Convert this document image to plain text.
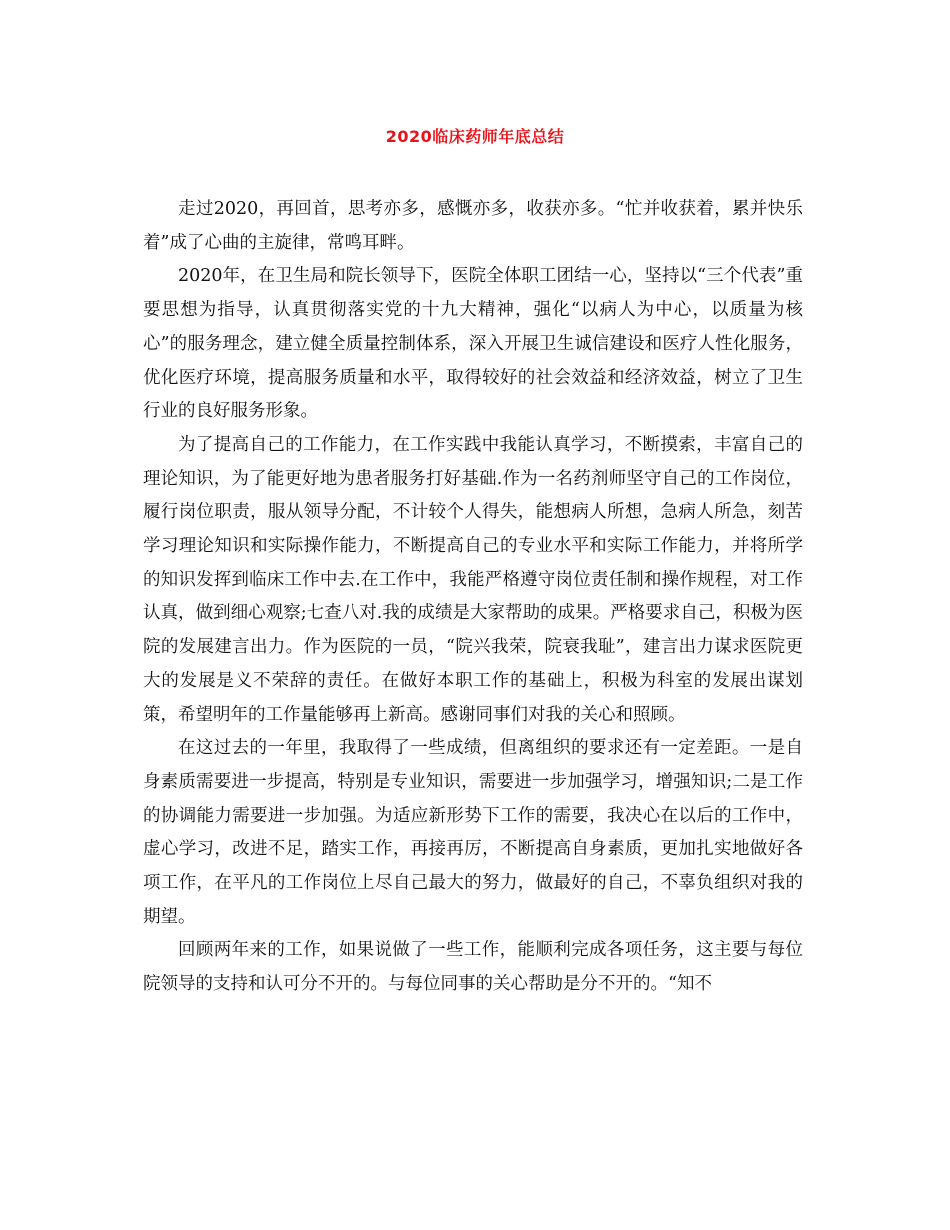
2020临床药师年底总结

走过2020，再回首，思考亦多，感慨亦多，收获亦多。“忙并收获着，累并快乐着”成了心曲的主旋律，常鸣耳畔。

2020年，在卫生局和院长领导下，医院全体职工团结一心，坚持以“三个代表”重要思想为指导，认真贯彻落实党的十九大精神，强化“以病人为中心，以质量为核心”的服务理念，建立健全质量控制体系，深入开展卫生诚信建设和医疗人性化服务，优化医疗环境，提高服务质量和水平，取得较好的社会效益和经济效益，树立了卫生行业的良好服务形象。

为了提高自己的工作能力，在工作实践中我能认真学习，不断摸索，丰富自己的理论知识，为了能更好地为患者服务打好基础.作为一名药剂师坚守自己的工作岗位，履行岗位职责，服从领导分配，不计较个人得失，能想病人所想，急病人所急，刻苦学习理论知识和实际操作能力，不断提高自己的专业水平和实际工作能力，并将所学的知识发挥到临床工作中去.在工作中，我能严格遵守岗位责任制和操作规程，对工作认真，做到细心观察;七查八对.我的成绩是大家帮助的成果。严格要求自己，积极为医院的发展建言出力。作为医院的一员，“院兴我荣，院衰我耻”，建言出力谋求医院更大的发展是义不荣辞的责任。在做好本职工作的基础上，积极为科室的发展出谋划策，希望明年的工作量能够再上新高。感谢同事们对我的关心和照顾。

在这过去的一年里，我取得了一些成绩，但离组织的要求还有一定差距。一是自身素质需要进一步提高，特别是专业知识，需要进一步加强学习，增强知识;二是工作的协调能力需要进一步加强。为适应新形势下工作的需要，我决心在以后的工作中，虚心学习，改进不足，踏实工作，再接再厉，不断提高自身素质，更加扎实地做好各项工作，在平凡的工作岗位上尽自己最大的努力，做最好的自己，不辜负组织对我的期望。

回顾两年来的工作，如果说做了一些工作，能顺利完成各项任务，这主要与每位院领导的支持和认可分不开的。与每位同事的关心帮助是分不开的。“知不
